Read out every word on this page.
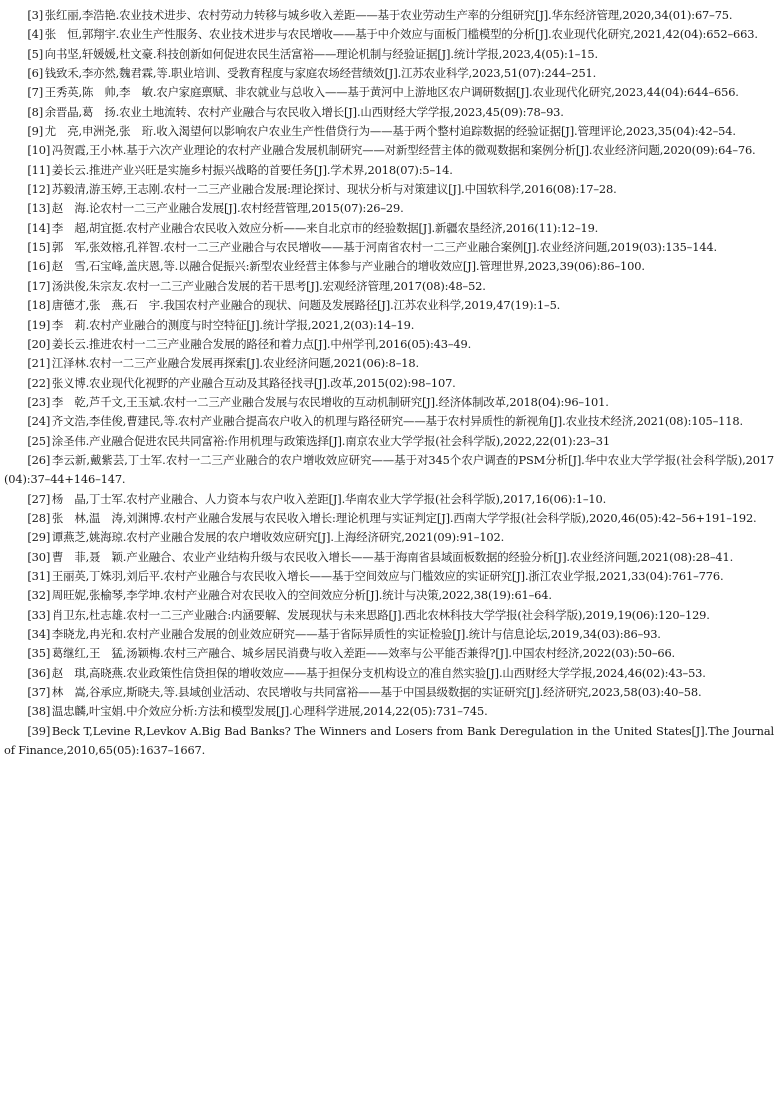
[3] 张红丽,李浩艳.农业技术进步、农村劳动力转移与城乡收入差距——基于农业劳动生产率的分组研究[J].华东经济管理,2020,34(01):67–75.
[4] 张　恒,郭翔宇.农业生产性服务、农业技术进步与农民增收——基于中介效应与面板门槛模型的分析[J].农业现代化研究,2021,42(04):652–663.
[5] 向书坚,轩媛媛,杜文豪.科技创新如何促进农民生活富裕——理论机制与经验证据[J].统计学报,2023,4(05):1–15.
[6] 钱致禾,李亦然,魏君霖,等.职业培训、受教育程度与家庭农场经营绩效[J].江苏农业科学,2023,51(07):244–251.
[7] 王秀英,陈　帅,李　敏.农户家庭禀赋、非农就业与总收入——基于黄河中上游地区农户调研数据[J].农业现代化研究,2023,44(04):644–656.
[8] 余晋晶,葛　扬.农业土地流转、农村产业融合与农民收入增长[J].山西财经大学学报,2023,45(09):78–93.
[9] 尤　亮,申洲尧,张　珩.收入渴望何以影响农户农业生产性借贷行为——基于两个整村追踪数据的经验证据[J].管理评论,2023,35(04):42–54.
[10] 冯贺霞,王小林.基于六次产业理论的农村产业融合发展机制研究——对新型经营主体的微观数据和案例分析[J].农业经济问题,2020(09):64–76.
[11] 姜长云.推进产业兴旺是实施乡村振兴战略的首要任务[J].学术界,2018(07):5–14.
[12] 苏毅清,游玉婷,王志刚.农村一二三产业融合发展:理论探讨、现状分析与对策建议[J].中国软科学,2016(08):17–28.
[13] 赵　海.论农村一二三产业融合发展[J].农村经营管理,2015(07):26–29.
[14] 李　超,胡宜挺.农村产业融合农民收入效应分析——来自北京市的经验数据[J].新疆农垦经济,2016(11):12–19.
[15] 郭　军,张效榕,孔祥智.农村一二三产业融合与农民增收——基于河南省农村一二三产业融合案例[J].农业经济问题,2019(03):135–144.
[16] 赵　雪,石宝峰,盖庆恩,等.以融合促振兴:新型农业经营主体参与产业融合的增收效应[J].管理世界,2023,39(06):86–100.
[17] 汤洪俊,朱宗友.农村一二三产业融合发展的若干思考[J].宏观经济管理,2017(08):48–52.
[18] 唐德才,张　燕,石　宇.我国农村产业融合的现状、问题及发展路径[J].江苏农业科学,2019,47(19):1–5.
[19] 李　莉.农村产业融合的测度与时空特征[J].统计学报,2021,2(03):14–19.
[20] 姜长云.推进农村一二三产业融合发展的路径和着力点[J].中州学刊,2016(05):43–49.
[21] 江泽林.农村一二三产业融合发展再探索[J].农业经济问题,2021(06):8–18.
[22] 张义博.农业现代化视野的产业融合互动及其路径找寻[J].改革,2015(02):98–107.
[23] 李　乾,芦千文,王玉斌.农村一二三产业融合发展与农民增收的互动机制研究[J].经济体制改革,2018(04):96–101.
[24] 齐文浩,李佳俊,曹建民,等.农村产业融合提高农户收入的机理与路径研究——基于农村异质性的新视角[J].农业技术经济,2021(08):105–118.
[25] 涂圣伟.产业融合促进农民共同富裕:作用机理与政策选择[J].南京农业大学学报(社会科学版),2022,22(01):23–31
[26] 李云新,戴紫芸,丁士军.农村一二三产业融合的农户增收效应研究——基于对345个农户调查的PSM分析[J].华中农业大学学报(社会科学版),2017(04):37–44+146–147.
[27] 杨　晶,丁士军.农村产业融合、人力资本与农户收入差距[J].华南农业大学学报(社会科学版),2017,16(06):1–10.
[28] 张　林,温　涛,刘渊博.农村产业融合发展与农民收入增长:理论机理与实证判定[J].西南大学学报(社会科学版),2020,46(05):42–56+191–192.
[29] 谭燕芝,姚海琼.农村产业融合发展的农户增收效应研究[J].上海经济研究,2021(09):91–102.
[30] 曹　菲,聂　颖.产业融合、农业产业结构升级与农民收入增长——基于海南省县域面板数据的经验分析[J].农业经济问题,2021(08):28–41.
[31] 王丽英,丁姝羽,刘后平.农村产业融合与农民收入增长——基于空间效应与门槛效应的实证研究[J].浙江农业学报,2021,33(04):761–776.
[32] 周旺妮,张榆琴,李学坤.农村产业融合对农民收入的空间效应分析[J].统计与决策,2022,38(19):61–64.
[33] 肖卫东,杜志雄.农村一二三产业融合:内涵要解、发展现状与未来思路[J].西北农林科技大学学报(社会科学版),2019,19(06):120–129.
[34] 李晓龙,冉光和.农村产业融合发展的创业效应研究——基于省际异质性的实证检验[J].统计与信息论坛,2019,34(03):86–93.
[35] 葛继红,王　猛,汤颖梅.农村三产融合、城乡居民消费与收入差距——效率与公平能否兼得?[J].中国农村经济,2022(03):50–66.
[36] 赵　琪,高晓燕.农业政策性信贷担保的增收效应——基于担保分支机构设立的准自然实验[J].山西财经大学学报,2024,46(02):43–53.
[37] 林　嵩,谷承应,斯晓夫,等.县域创业活动、农民增收与共同富裕——基于中国县级数据的实证研究[J].经济研究,2023,58(03):40–58.
[38] 温忠麟,叶宝娟.中介效应分析:方法和模型发展[J].心理科学进展,2014,22(05):731–745.
[39] Beck T,Levine R,Levkov A.Big Bad Banks? The Winners and Losers from Bank Deregulation in the United States[J].The Journal of Finance,2010,65(05):1637–1667.
